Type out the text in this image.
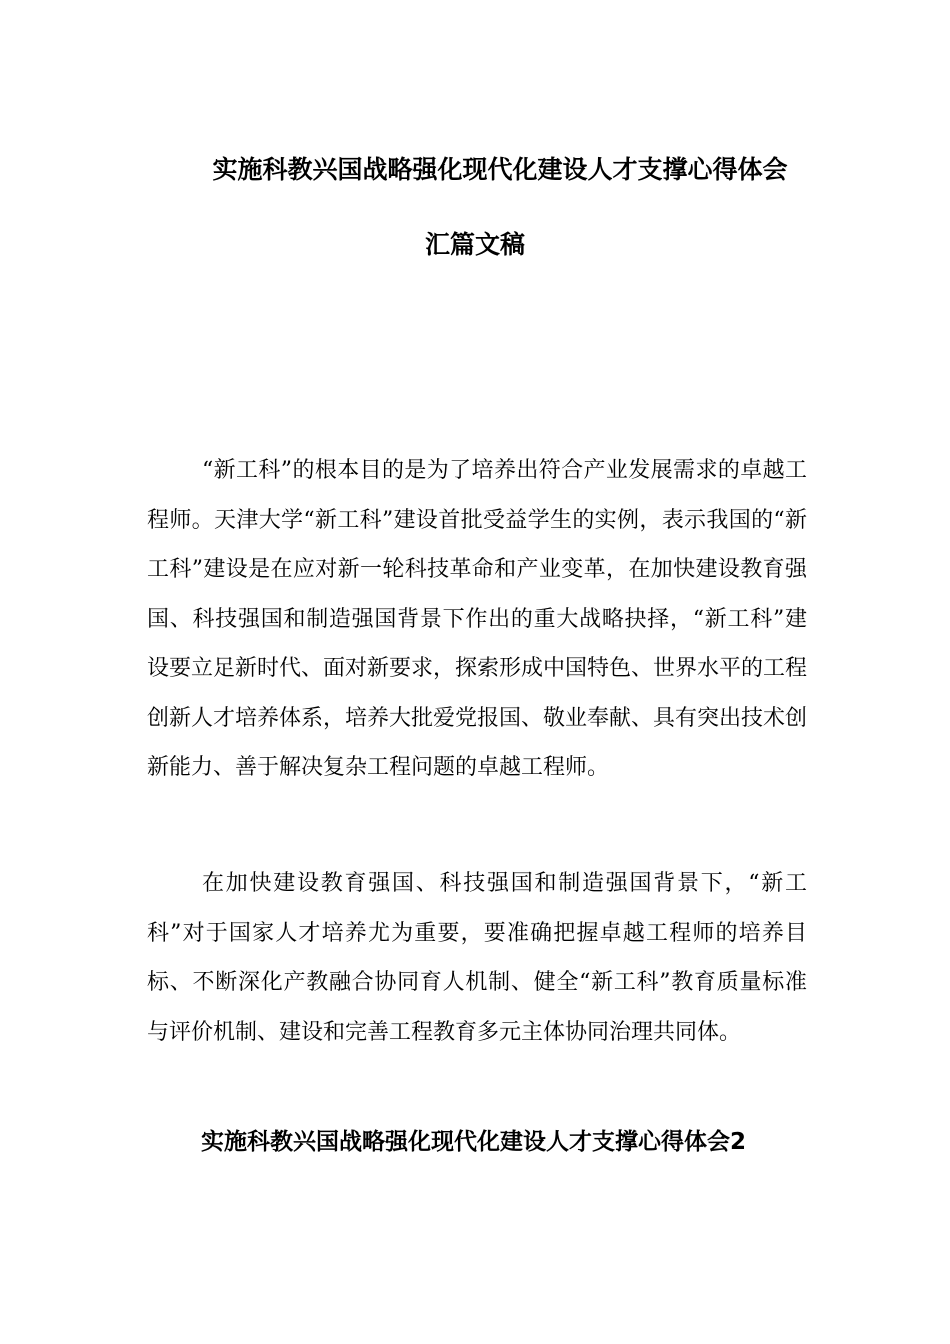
实施科教兴国战略强化现代化建设人才支撑心得体会
汇篇文稿

“新工科”的根本目的是为了培养出符合产业发展需求的卓越工程师。天津大学“新工科”建设首批受益学生的实例，表示我国的“新工科”建设是在应对新一轮科技革命和产业变革，在加快建设教育强国、科技强国和制造强国背景下作出的重大战略抉择，“新工科”建设要立足新时代、面对新要求，探索形成中国特色、世界水平的工程创新人才培养体系，培养大批爱党报国、敬业奉献、具有突出技术创新能力、善于解决复杂工程问题的卓越工程师。

在加快建设教育强国、科技强国和制造强国背景下，“新工科”对于国家人才培养尤为重要，要准确把握卓越工程师的培养目标、不断深化产教融合协同育人机制、健全“新工科”教育质量标准与评价机制、建设和完善工程教育多元主体协同治理共同体。

实施科教兴国战略强化现代化建设人才支撑心得体会2
